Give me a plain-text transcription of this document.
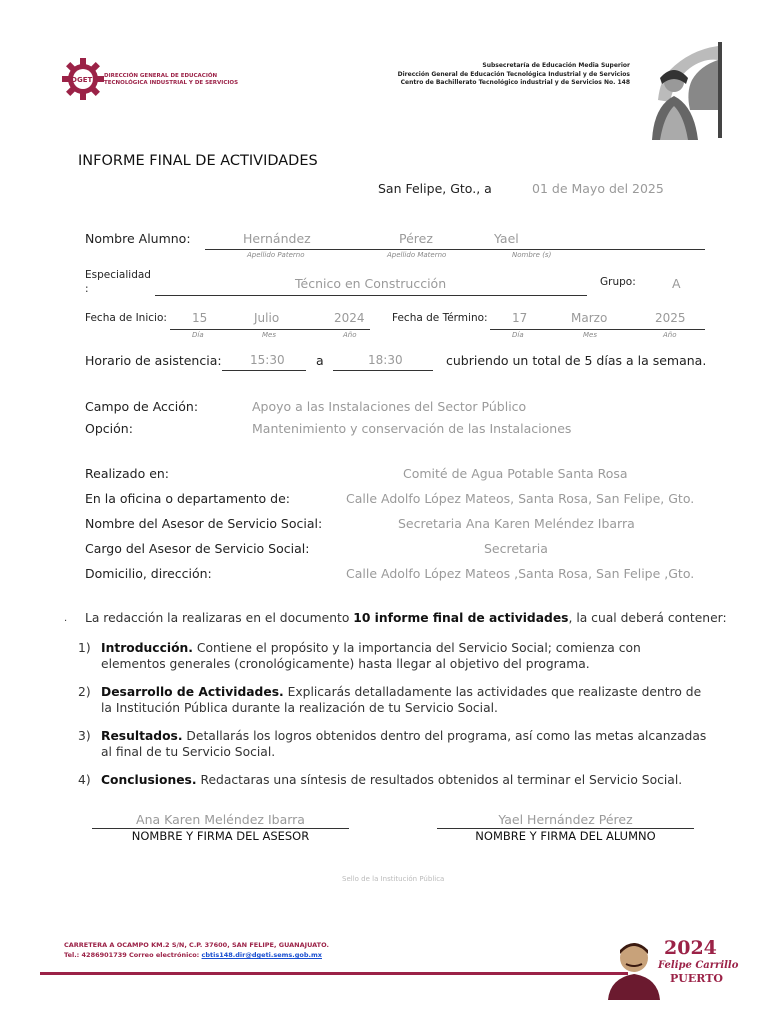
DGETI DIRECCIÓN GENERAL DE EDUCACIÓN
TECNOLÓGICA INDUSTRIAL Y DE SERVICIOS
Subsecretaría de Educación Media Superior
Dirección General de Educación Tecnológica Industrial y de Servicios
Centro de Bachillerato Tecnológico industrial y de Servicios No. 148
INFORME FINAL DE ACTIVIDADES
San Felipe, Gto., a	01 de Mayo del 2025
Nombre Alumno:	Hernández	Pérez	Yael
Apellido Paterno	Apellido Materno	Nombre (s)
Especialidad
:	Técnico en Construcción	Grupo:	A
Fecha de Inicio: 15	Julio	2024
Día	Mes	Año
Fecha de Término: 17	Marzo	2025
Día	Mes	Año
Horario de asistencia: 15:30	a	18:30	cubriendo un total de 5 días a la semana.
Campo de Acción:	Apoyo a las Instalaciones del Sector Público
Opción:	Mantenimiento y conservación de las Instalaciones
Realizado en:	Comité de Agua Potable Santa Rosa
En la oficina o departamento de:	Calle Adolfo López Mateos, Santa Rosa, San Felipe, Gto.
Nombre del Asesor de Servicio Social:	Secretaria Ana Karen Meléndez Ibarra
Cargo del Asesor de Servicio Social:	Secretaria
Domicilio, dirección:	Calle Adolfo López Mateos ,Santa Rosa, San Felipe ,Gto.
La redacción la realizaras en el documento 10 informe final de actividades, la cual deberá contener:
·
1) Introducción. Contiene el propósito y la importancia del Servicio Social; comienza con elementos generales (cronológicamente) hasta llegar al objetivo del programa.
2) Desarrollo de Actividades. Explicarás detalladamente las actividades que realizaste dentro de la Institución Pública durante la realización de tu Servicio Social.
3) Resultados. Detallarás los logros obtenidos dentro del programa, así como las metas alcanzadas al final de tu Servicio Social.
4) Conclusiones. Redactaras una síntesis de resultados obtenidos al terminar el Servicio Social.
Ana Karen Meléndez Ibarra
NOMBRE Y FIRMA DEL ASESOR
Yael Hernández Pérez
NOMBRE Y FIRMA DEL ALUMNO
Sello de la Institución Pública
CARRETERA A OCAMPO KM.2 S/N, C.P. 37600, SAN FELIPE, GUANAJUATO.
Tel.: 4286901739 Correo electrónico: cbtis148.dir@dgeti.sems.gob.mx	2024
Felipe Carrillo
PUERTO
